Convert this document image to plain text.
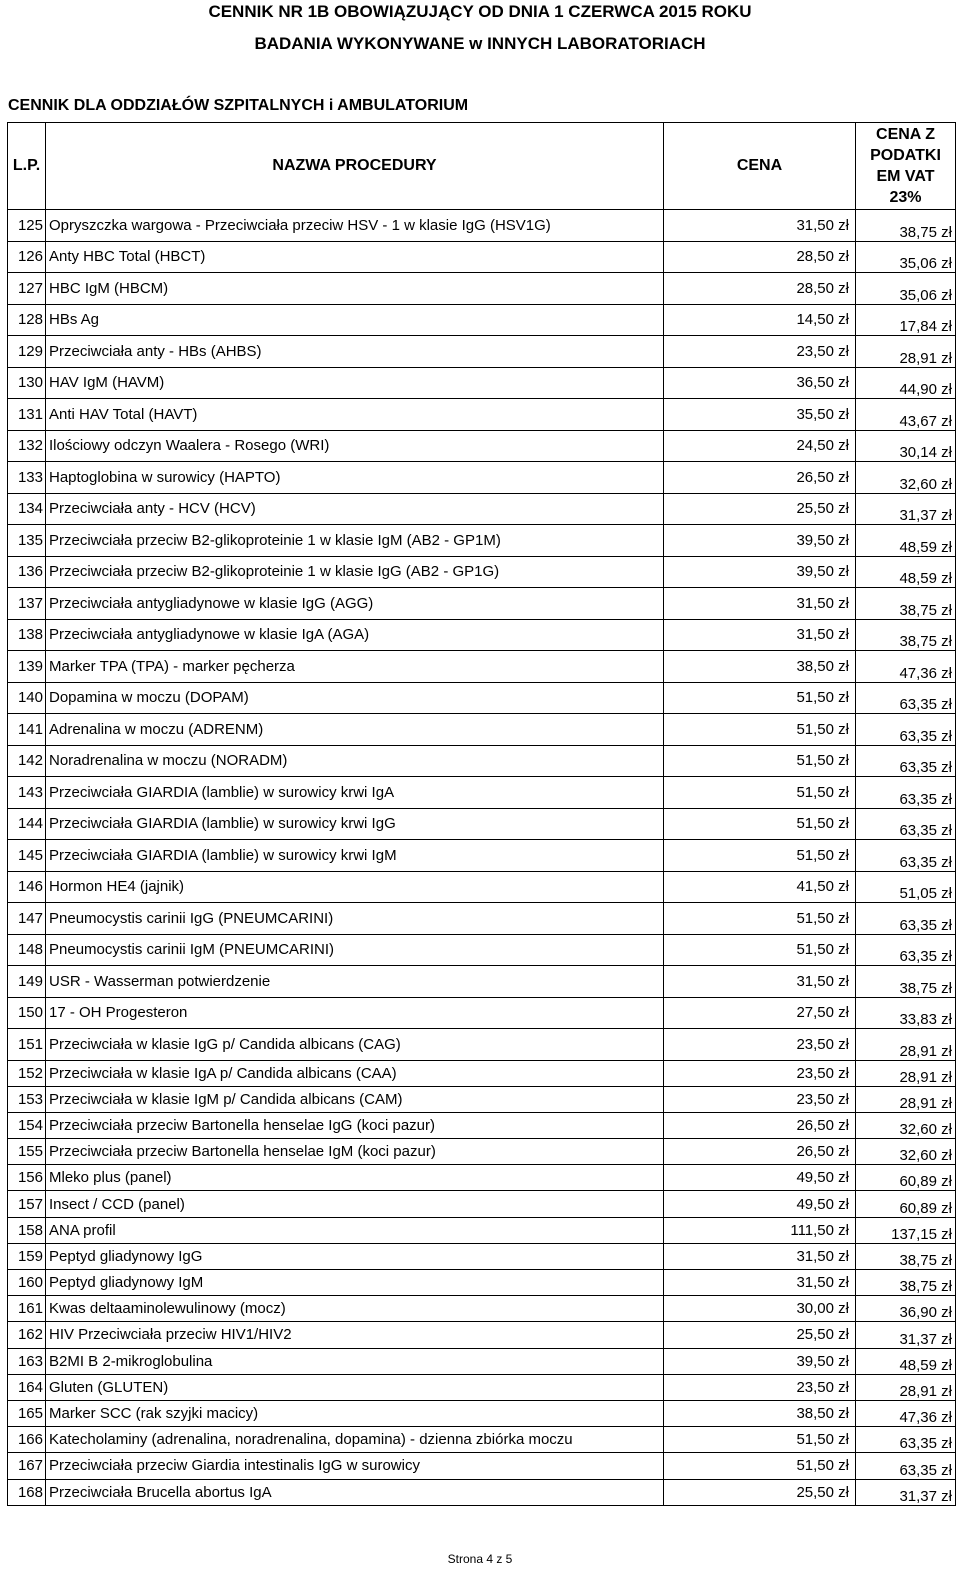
CENNIK NR 1B OBOWIĄZUJĄCY OD DNIA 1 CZERWCA 2015 ROKU
BADANIA WYKONYWANE w INNYCH LABORATORIACH
CENNIK DLA ODDZIAŁÓW SZPITALNYCH i AMBULATORIUM
L.P.	NAZWA PROCEDURY	CENA	CENA Z PODATKI EM VAT 23%
125	Opryszczka wargowa - Przeciwciała przeciw HSV - 1 w klasie IgG (HSV1G)	31,50 zł	38,75 zł
126	Anty HBC Total (HBCT)	28,50 zł	35,06 zł
127	HBC IgM (HBCM)	28,50 zł	35,06 zł
128	HBs Ag	14,50 zł	17,84 zł
129	Przeciwciała anty - HBs (AHBS)	23,50 zł	28,91 zł
130	HAV IgM (HAVM)	36,50 zł	44,90 zł
131	Anti HAV Total (HAVT)	35,50 zł	43,67 zł
132	Ilościowy odczyn Waalera - Rosego (WRI)	24,50 zł	30,14 zł
133	Haptoglobina w surowicy (HAPTO)	26,50 zł	32,60 zł
134	Przeciwciała anty - HCV (HCV)	25,50 zł	31,37 zł
135	Przeciwciała przeciw B2-glikoproteinie 1 w klasie IgM (AB2 - GP1M)	39,50 zł	48,59 zł
136	Przeciwciała przeciw B2-glikoproteinie 1 w klasie IgG (AB2 - GP1G)	39,50 zł	48,59 zł
137	Przeciwciała antygliadynowe w klasie IgG (AGG)	31,50 zł	38,75 zł
138	Przeciwciała antygliadynowe w klasie IgA (AGA)	31,50 zł	38,75 zł
139	Marker TPA (TPA) - marker pęcherza	38,50 zł	47,36 zł
140	Dopamina w moczu (DOPAM)	51,50 zł	63,35 zł
141	Adrenalina w moczu (ADRENM)	51,50 zł	63,35 zł
142	Noradrenalina w moczu (NORADM)	51,50 zł	63,35 zł
143	Przeciwciała GIARDIA (lamblie) w surowicy krwi IgA	51,50 zł	63,35 zł
144	Przeciwciała GIARDIA (lamblie) w surowicy krwi IgG	51,50 zł	63,35 zł
145	Przeciwciała GIARDIA (lamblie) w surowicy krwi IgM	51,50 zł	63,35 zł
146	Hormon HE4 (jajnik)	41,50 zł	51,05 zł
147	Pneumocystis carinii IgG (PNEUMCARINI)	51,50 zł	63,35 zł
148	Pneumocystis carinii IgM (PNEUMCARINI)	51,50 zł	63,35 zł
149	USR - Wasserman potwierdzenie	31,50 zł	38,75 zł
150	17 - OH Progesteron	27,50 zł	33,83 zł
151	Przeciwciała w klasie IgG p/ Candida albicans (CAG)	23,50 zł	28,91 zł
152	Przeciwciała w klasie IgA p/ Candida albicans (CAA)	23,50 zł	28,91 zł
153	Przeciwciała w klasie IgM p/ Candida albicans (CAM)	23,50 zł	28,91 zł
154	Przeciwciała przeciw Bartonella henselae IgG (koci pazur)	26,50 zł	32,60 zł
155	Przeciwciała przeciw Bartonella henselae IgM (koci pazur)	26,50 zł	32,60 zł
156	Mleko plus (panel)	49,50 zł	60,89 zł
157	Insect / CCD (panel)	49,50 zł	60,89 zł
158	ANA profil	111,50 zł	137,15 zł
159	Peptyd gliadynowy IgG	31,50 zł	38,75 zł
160	Peptyd gliadynowy IgM	31,50 zł	38,75 zł
161	Kwas deltaaminolewulinowy (mocz)	30,00 zł	36,90 zł
162	HIV Przeciwciała przeciw HIV1/HIV2	25,50 zł	31,37 zł
163	B2MI B 2-mikroglobulina	39,50 zł	48,59 zł
164	Gluten (GLUTEN)	23,50 zł	28,91 zł
165	Marker SCC (rak szyjki macicy)	38,50 zł	47,36 zł
166	Katecholaminy (adrenalina, noradrenalina, dopamina) - dzienna zbiórka moczu	51,50 zł	63,35 zł
167	Przeciwciała przeciw Giardia intestinalis IgG w surowicy	51,50 zł	63,35 zł
168	Przeciwciała Brucella abortus IgA	25,50 zł	31,37 zł
Strona 4 z 5
